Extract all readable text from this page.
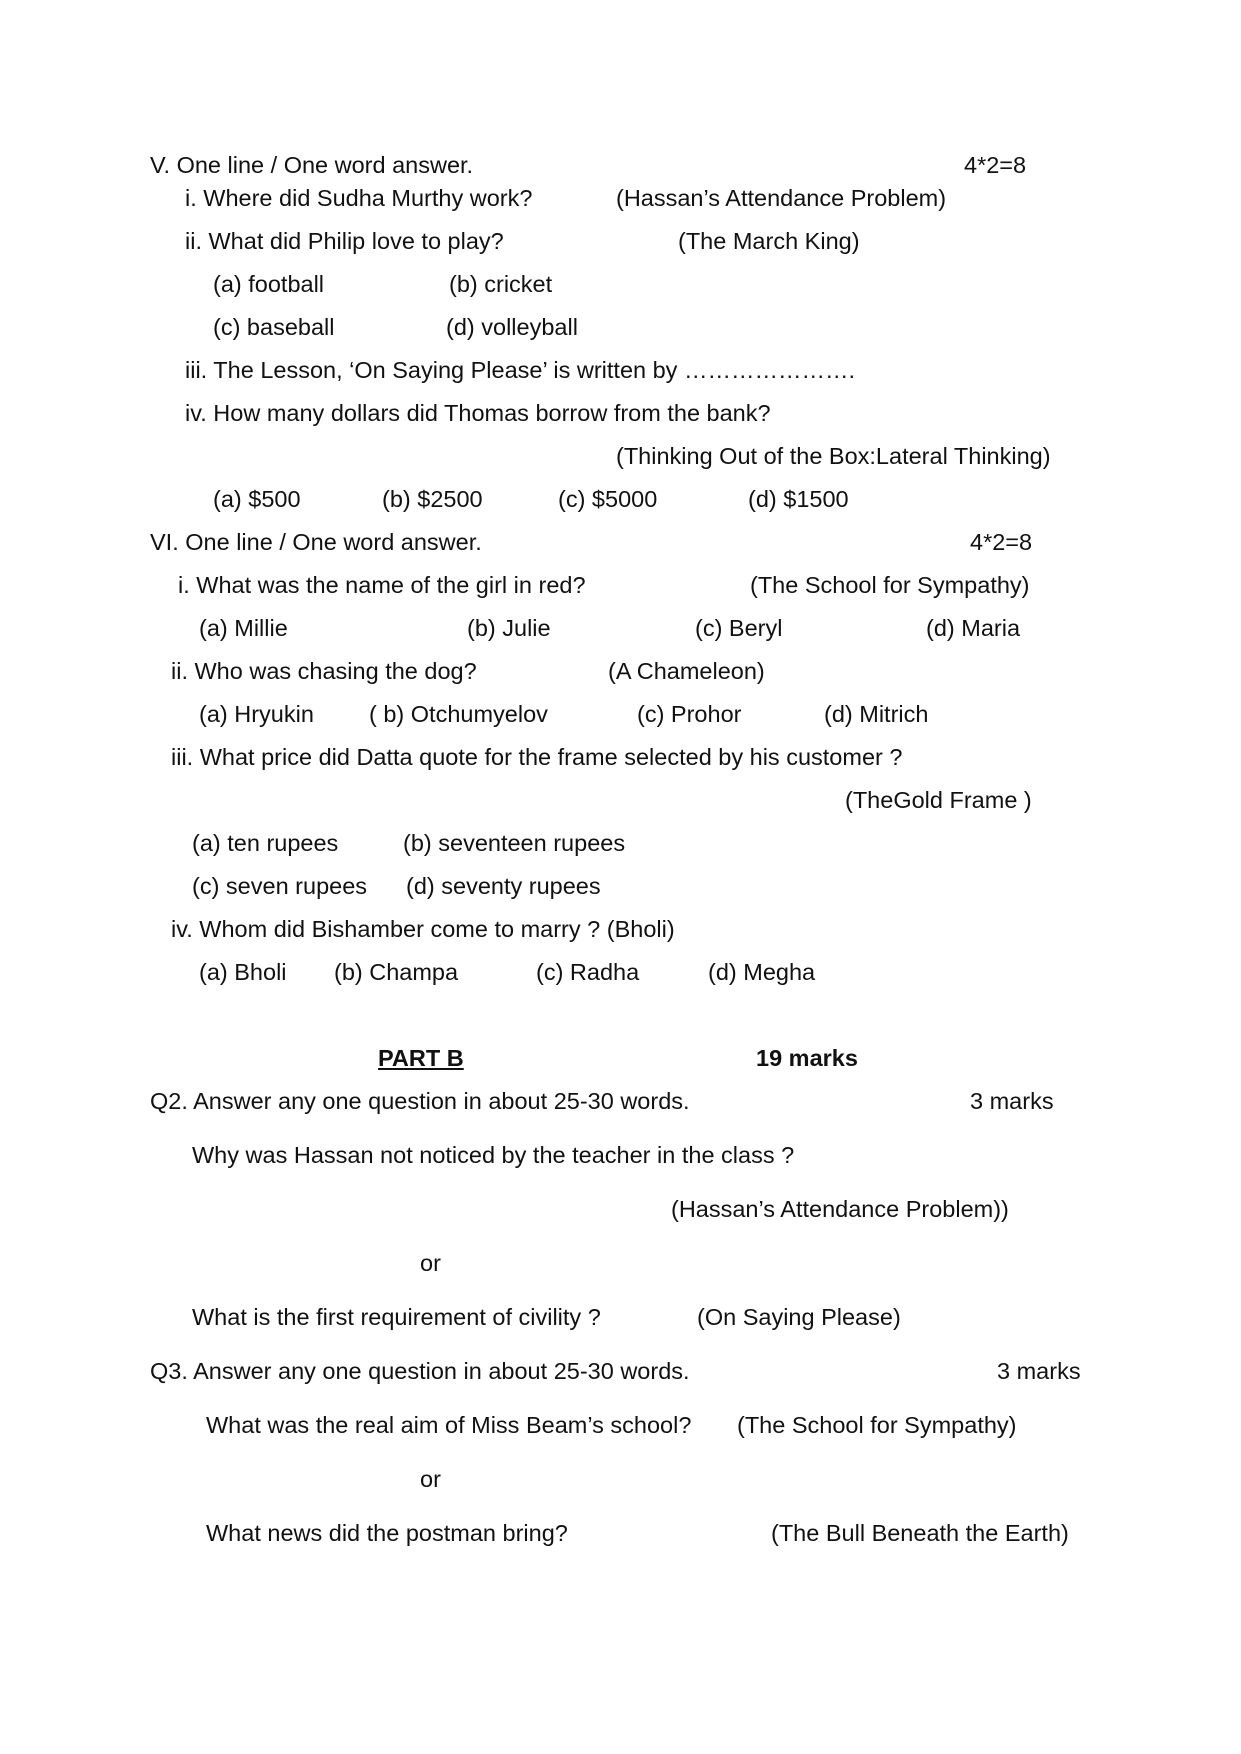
V. One line / One word answer.	4*2=8
i. Where did Sudha Murthy work?	(Hassan’s Attendance Problem)
ii. What did Philip love to play?	(The March King)
(a) football	(b) cricket
(c) baseball	(d) volleyball
iii. The Lesson, ‘On Saying Please’ is written by ………………….
iv. How many dollars did Thomas borrow from the bank?
(Thinking Out of the Box:Lateral Thinking)
(a) $500	(b) $2500	(c) $5000	(d) $1500
VI. One line / One word answer.	4*2=8
i. What was the name of the girl in red?	(The School for Sympathy)
(a) Millie	(b) Julie	(c) Beryl	(d) Maria
ii. Who was chasing the dog?	(A Chameleon)
(a) Hryukin ( b) Otchumyelov	(c) Prohor	(d) Mitrich
iii. What price did Datta quote for the frame selected by his customer ?
(TheGold Frame )
(a) ten rupees	(b) seventeen rupees
(c) seven rupees (d) seventy rupees
iv. Whom did Bishamber come to marry ? (Bholi)
(a) Bholi (b) Champa	(c) Radha	(d) Megha
PART B	19 marks
Q2. Answer any one question in about 25-30 words.	3 marks
Why was Hassan not noticed by the teacher in the class ?
(Hassan’s Attendance Problem))
or
What is the first requirement of civility ?	(On Saying Please)
Q3. Answer any one question in about 25-30 words.	3 marks
What was the real aim of Miss Beam’s school? (The School for Sympathy)
or
What news did the postman bring?	(The Bull Beneath the Earth)
